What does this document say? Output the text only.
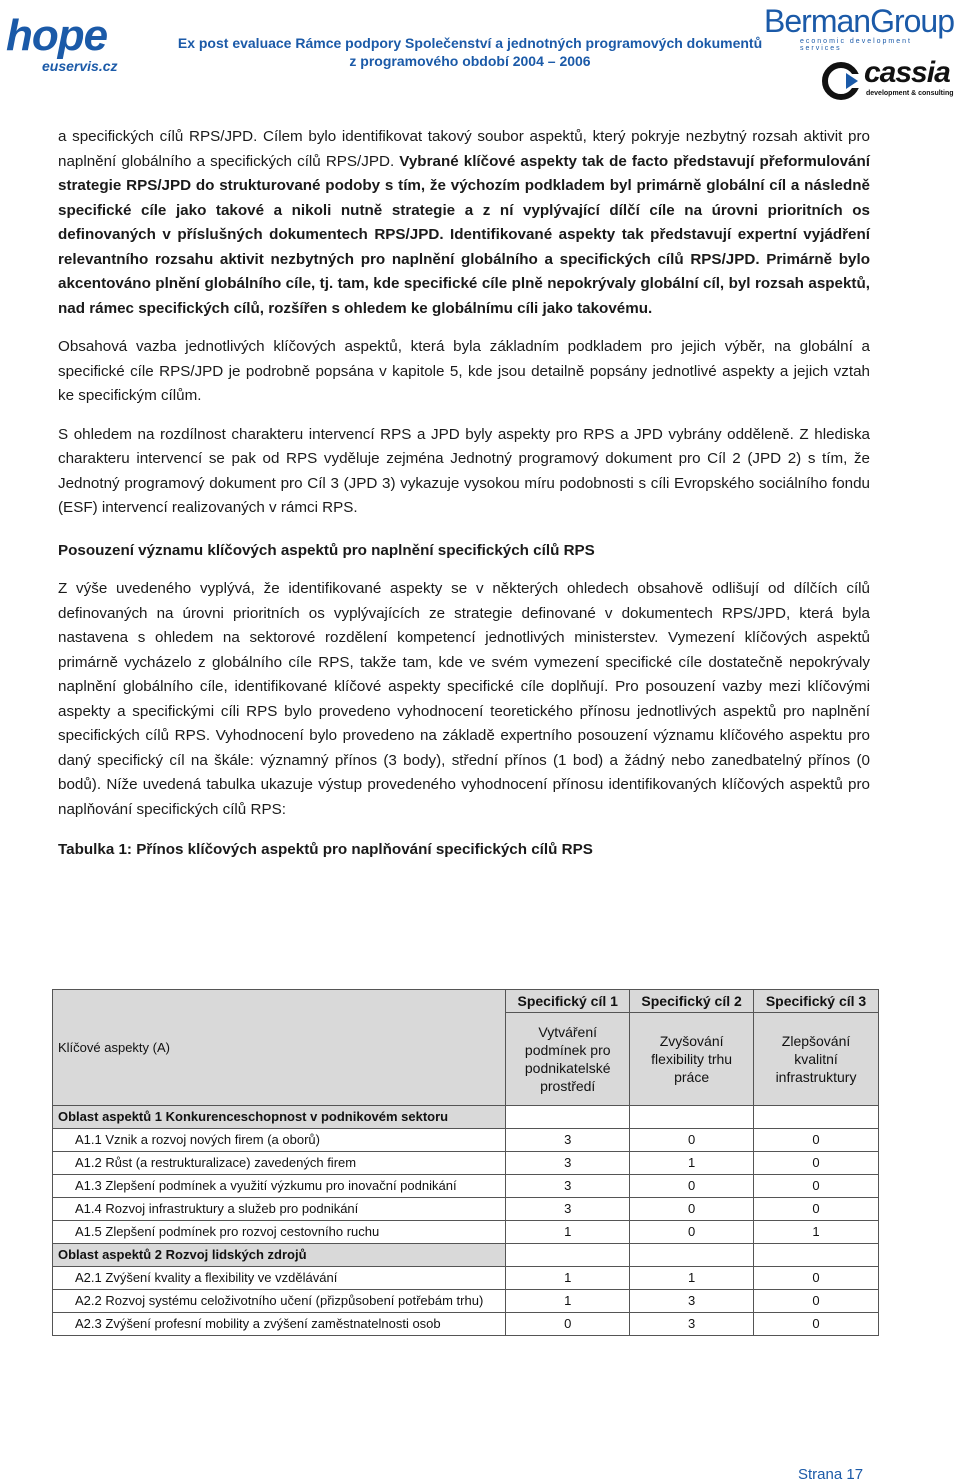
hope
euservis.cz
Ex post evaluace Rámce podpory Společenství a jednotných programových dokumentů
z programového období 2004 – 2006
BermanGroup
economic development services
cassia
development & consulting

a specifických cílů RPS/JPD. Cílem bylo identifikovat takový soubor aspektů, který pokryje nezbytný rozsah aktivit pro naplnění globálního a specifických cílů RPS/JPD. Vybrané klíčové aspekty tak de facto představují přeformulování strategie RPS/JPD do strukturované podoby s tím, že výchozím podkladem byl primárně globální cíl a následně specifické cíle jako takové a nikoli nutně strategie a z ní vyplývající dílčí cíle na úrovni prioritních os definovaných v příslušných dokumentech RPS/JPD. Identifikované aspekty tak představují expertní vyjádření relevantního rozsahu aktivit nezbytných pro naplnění globálního a specifických cílů RPS/JPD. Primárně bylo akcentováno plnění globálního cíle, tj. tam, kde specifické cíle plně nepokrývaly globální cíl, byl rozsah aspektů, nad rámec specifických cílů, rozšířen s ohledem ke globálnímu cíli jako takovému.

Obsahová vazba jednotlivých klíčových aspektů, která byla základním podkladem pro jejich výběr, na globální a specifické cíle RPS/JPD je podrobně popsána v kapitole 5, kde jsou detailně popsány jednotlivé aspekty a jejich vztah ke specifickým cílům.

S ohledem na rozdílnost charakteru intervencí RPS a JPD byly aspekty pro RPS a JPD vybrány odděleně. Z hlediska charakteru intervencí se pak od RPS vyděluje zejména Jednotný programový dokument pro Cíl 2 (JPD 2) s tím, že Jednotný programový dokument pro Cíl 3 (JPD 3) vykazuje vysokou míru podobnosti s cíli Evropského sociálního fondu (ESF) intervencí realizovaných v rámci RPS.

Posouzení významu klíčových aspektů pro naplnění specifických cílů RPS

Z výše uvedeného vyplývá, že identifikované aspekty se v některých ohledech obsahově odlišují od dílčích cílů definovaných na úrovni prioritních os vyplývajících ze strategie definované v dokumentech RPS/JPD, která byla nastavena s ohledem na sektorové rozdělení kompetencí jednotlivých ministerstev. Vymezení klíčových aspektů primárně vycházelo z globálního cíle RPS, takže tam, kde ve svém vymezení specifické cíle dostatečně nepokrývaly naplnění globálního cíle, identifikované klíčové aspekty specifické cíle doplňují. Pro posouzení vazby mezi klíčovými aspekty a specifickými cíli RPS bylo provedeno vyhodnocení teoretického přínosu jednotlivých aspektů pro naplnění specifických cílů RPS. Vyhodnocení bylo provedeno na základě expertního posouzení významu klíčového aspektu pro daný specifický cíl na škále: významný přínos (3 body), střední přínos (1 bod) a žádný nebo zanedbatelný přínos (0 bodů). Níže uvedená tabulka ukazuje výstup provedeného vyhodnocení přínosu identifikovaných klíčových aspektů pro naplňování specifických cílů RPS:

Tabulka 1: Přínos klíčových aspektů pro naplňování specifických cílů RPS
Klíčové aspekty (A)	Specifický cíl 1	Specifický cíl 2	Specifický cíl 3
	Vytváření podmínek pro podnikatelské prostředí	Zvyšování flexibility trhu práce	Zlepšování kvalitní infrastruktury
Oblast aspektů 1 Konkurenceschopnost v podnikovém sektoru			
A1.1 Vznik a rozvoj nových firem (a oborů)	3	0	0
A1.2 Růst (a restrukturalizace) zavedených firem	3	1	0
A1.3 Zlepšení podmínek a využití výzkumu pro inovační podnikání	3	0	0
A1.4 Rozvoj infrastruktury a služeb pro podnikání	3	0	0
A1.5 Zlepšení podmínek pro rozvoj cestovního ruchu	1	0	1
Oblast aspektů 2 Rozvoj lidských zdrojů			
A2.1 Zvýšení kvality a flexibility ve vzdělávání	1	1	0
A2.2 Rozvoj systému celoživotního učení (přizpůsobení potřebám trhu)	1	3	0
A2.3 Zvýšení profesní mobility a zvýšení zaměstnatelnosti osob	0	3	0
Strana 17
